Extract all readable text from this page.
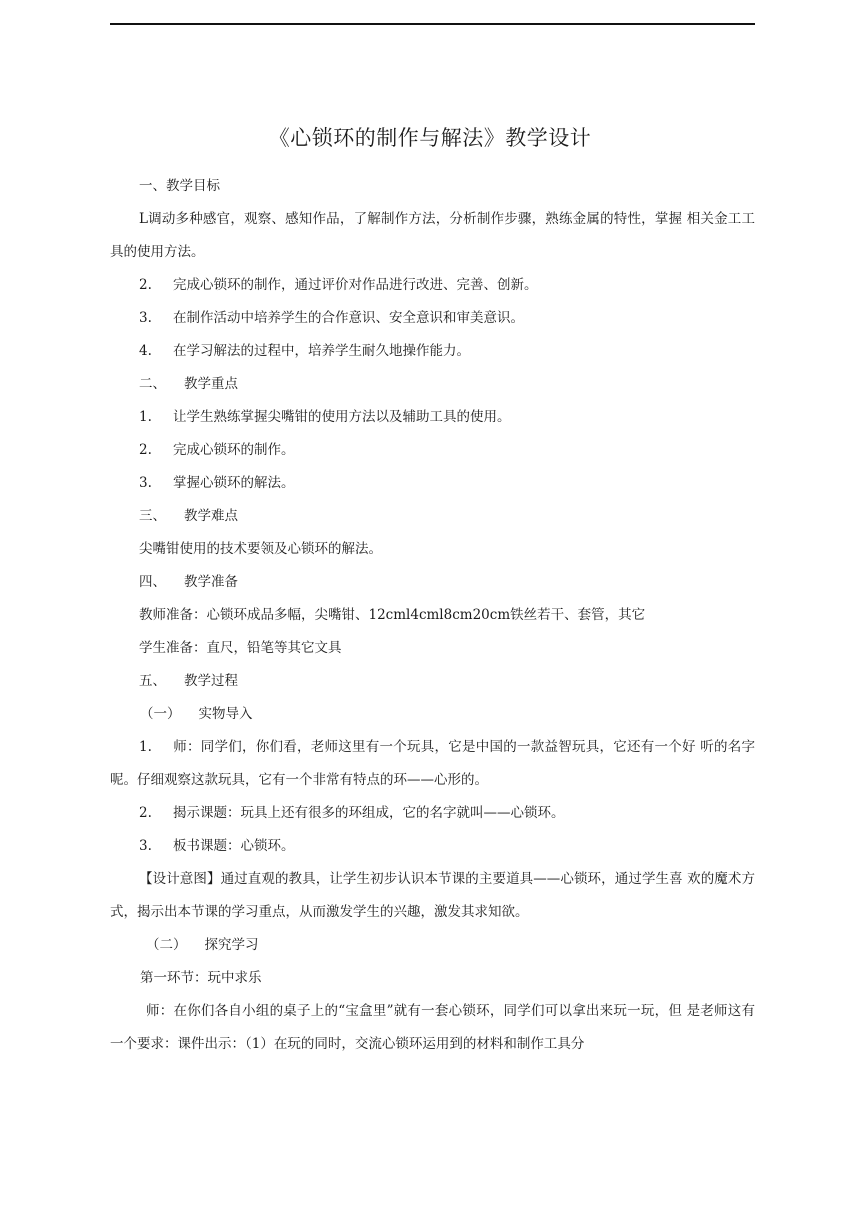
《心锁环的制作与解法》教学设计

一、教学目标

L调动多种感官，观察、感知作品，了解制作方法，分析制作步骤，熟练金属的特性，掌握 相关金工工具的使用方法。

2. 完成心锁环的制作，通过评价对作品进行改进、完善、创新。

3. 在制作活动中培养学生的合作意识、安全意识和审美意识。

4. 在学习解法的过程中，培养学生耐久地操作能力。

二、 教学重点

1. 让学生熟练掌握尖嘴钳的使用方法以及辅助工具的使用。

2. 完成心锁环的制作。

3. 掌握心锁环的解法。

三、 教学难点

尖嘴钳使用的技术要领及心锁环的解法。

四、 教学准备

教师准备：心锁环成品多幅，尖嘴钳、12cml4cml8cm20cm铁丝若干、套管，其它

学生准备：直尺，铅笔等其它文具

五、 教学过程

（一） 实物导入

1. 师：同学们，你们看，老师这里有一个玩具，它是中国的一款益智玩具，它还有一个好 听的名字呢。仔细观察这款玩具，它有一个非常有特点的环——心形的。

2. 揭示课题：玩具上还有很多的环组成，它的名字就叫——心锁环。

3. 板书课题：心锁环。

【设计意图】通过直观的教具，让学生初步认识本节课的主要道具——心锁环，通过学生喜 欢的魔术方式，揭示出本节课的学习重点，从而激发学生的兴趣，激发其求知欲。

（二） 探究学习

第一环节：玩中求乐

师：在你们各自小组的桌子上的“宝盒里”就有一套心锁环，同学们可以拿出来玩一玩，但 是老师这有一个要求：课件出示：（1）在玩的同时，交流心锁环运用到的材料和制作工具分
